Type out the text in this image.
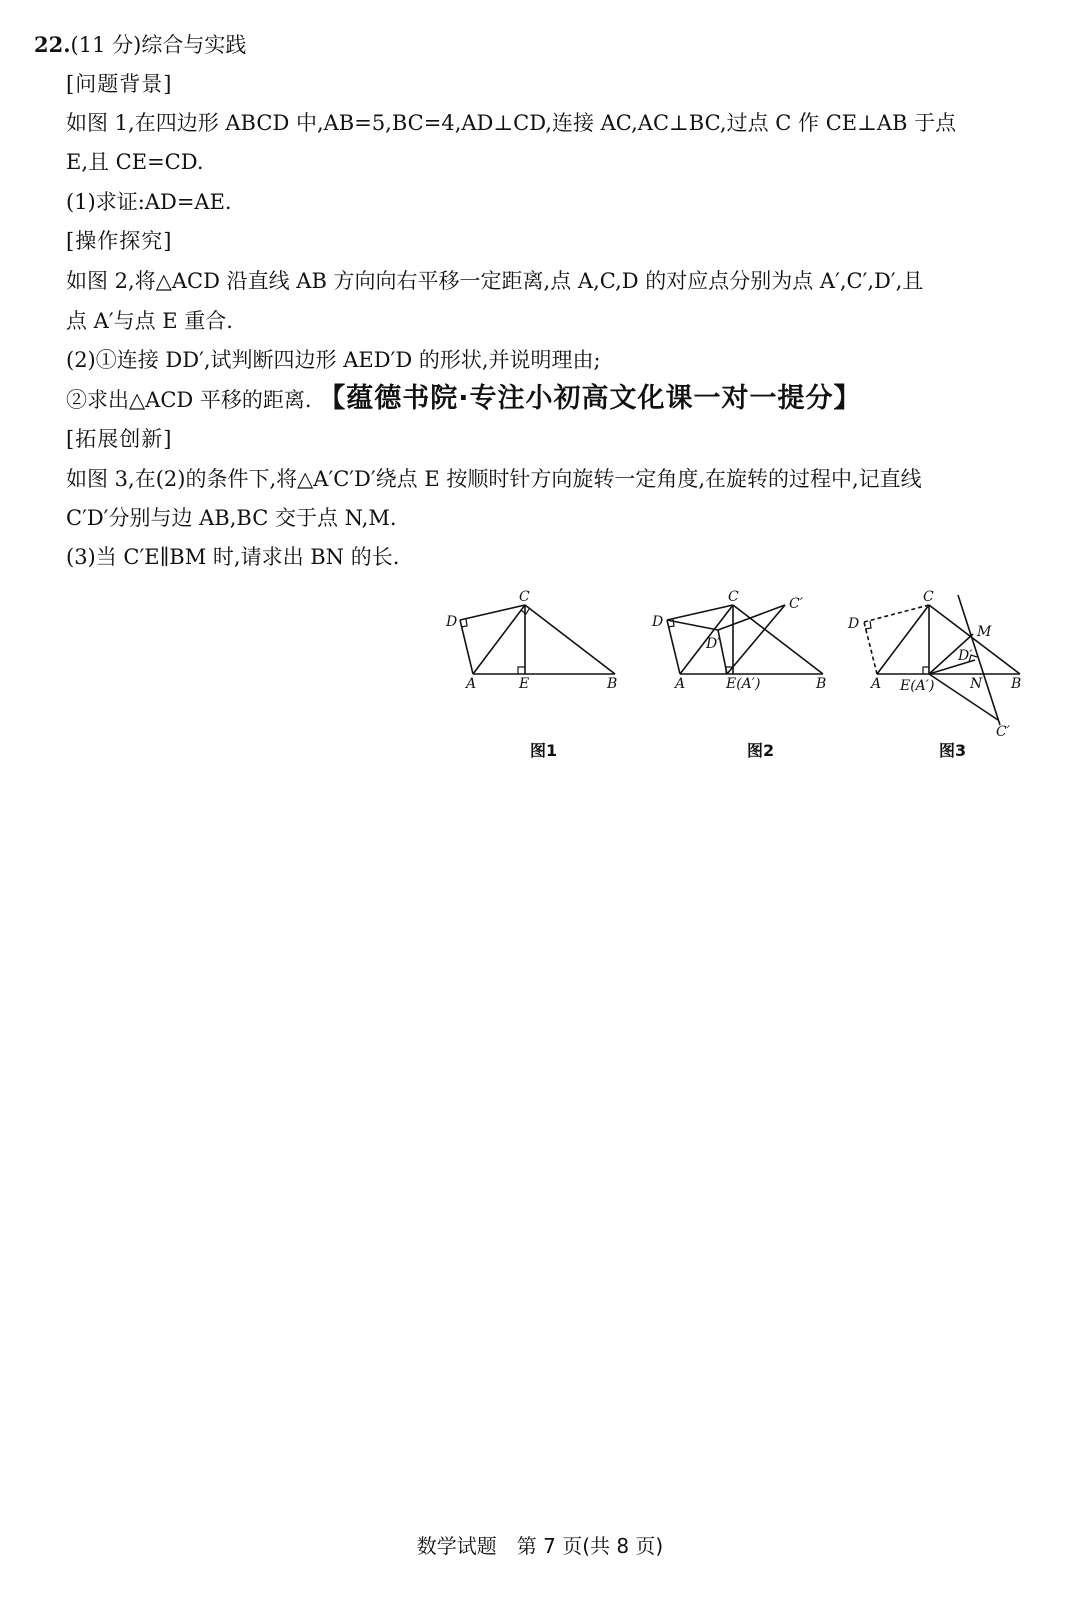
22.(11 分)综合与实践
[问题背景]
如图 1,在四边形 ABCD 中,AB=5,BC=4,AD⊥CD,连接 AC,AC⊥BC,过点 C 作 CE⊥AB 于点
E,且 CE=CD.
(1)求证:AD=AE.
[操作探究]
如图 2,将△ACD 沿直线 AB 方向向右平移一定距离,点 A,C,D 的对应点分别为点 A′,C′,D′,且
点 A′与点 E 重合.
(2)①连接 DD′,试判断四边形 AED′D 的形状,并说明理由;
②求出△ACD 平移的距离. 【蕴德书院·专注小初高文化课一对一提分】
[拓展创新]
如图 3,在(2)的条件下,将△A′C′D′绕点 E 按顺时针方向旋转一定角度,在旋转的过程中,记直线
C′D′分别与边 AB,BC 交于点 N,M.
(3)当 C′E∥BM 时,请求出 BN 的长.
A	B
C
D
E	A	B
C
D
E(A′)
C′
D′
A	B
C
D
E(A′)	N
M
C′
D′
图1	图2	图3
数学试题　第 7 页(共 8 页)
